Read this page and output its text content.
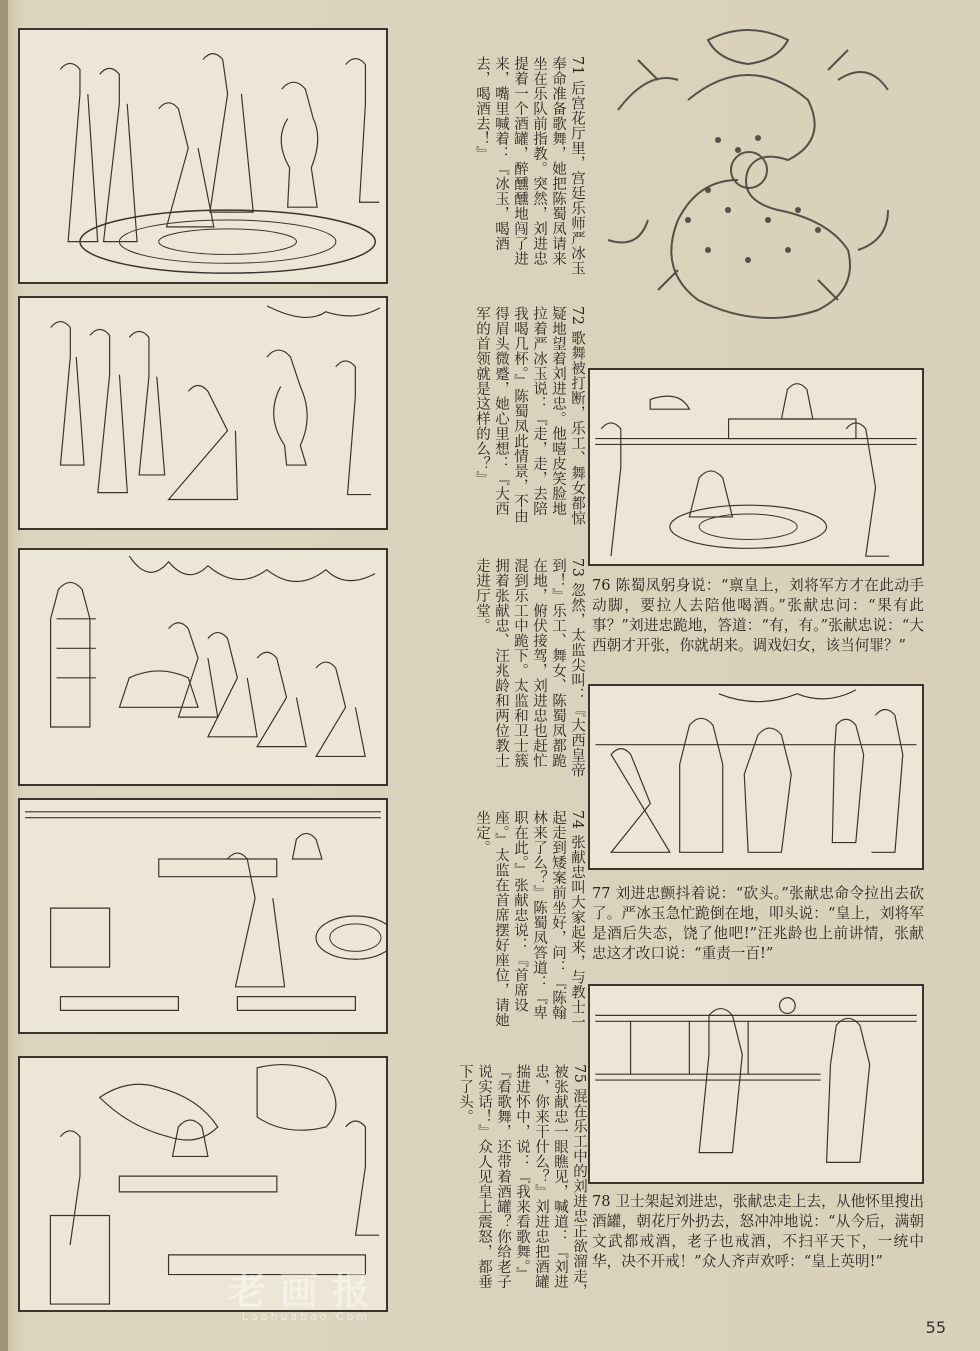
71 后宫花厅里，宫廷乐师严冰玉奉命准备歌舞，她把陈蜀凤请来坐在乐队前指教。突然，刘进忠提着一个酒罐，醉醺醺地闯了进来，嘴里喊着：『冰玉，喝酒去，喝酒去！』
72 歌舞被打断，乐工、舞女都惊疑地望着刘进忠。他嘻皮笑脸地拉着严冰玉说：『走，走，去陪我喝几杯。』陈蜀凤此情景，不由得眉头微蹙，她心里想：『大西军的首领就是这样的么？』
73 忽然，太监尖叫：『大西皇帝到！』乐工、舞女、陈蜀凤都跪在地，俯伏接驾，刘进忠也赶忙混到乐工中跪下。太监和卫士簇拥着张献忠、汪兆龄和两位教士走进厅堂。
74 张献忠叫大家起来，与教士一起走到矮案前坐好，问：『陈翰林来了么？』陈蜀凤答道：『卑职在此。』张献忠说：『首席设座。』太监在首席摆好座位，请她坐定。
75 混在乐工中的刘进忠正欲溜走，被张献忠一眼瞧见，喊道：『刘进忠，你来干什么？』刘进忠把酒罐揣进怀中，说：『我来看歌舞。』『看歌舞，还带着酒罐？你给老子说实话！』众人见皇上震怒，都垂下了头。
76 陈蜀凤躬身说：“禀皇上，刘将军方才在此动手动脚，要拉人去陪他喝酒。”张献忠问：“果有此事？”刘进忠跪地，答道：“有，有。”张献忠说：“大西朝才开张，你就胡来。调戏妇女，该当何罪？”
77 刘进忠颤抖着说：“砍头。”张献忠命令拉出去砍了。严冰玉急忙跪倒在地，叩头说：“皇上，刘将军是酒后失态，饶了他吧!”汪兆龄也上前讲情，张献忠这才改口说：“重责一百!”
78 卫士架起刘进忠，张献忠走上去，从他怀里搜出酒罐，朝花厅外扔去，怒冲冲地说：“从今后，满朝文武都戒酒，老子也戒酒，不扫平天下，一统中华，决不开戒！”众人齐声欢呼：“皇上英明!”
老画报
Laohuabao.Com
55
